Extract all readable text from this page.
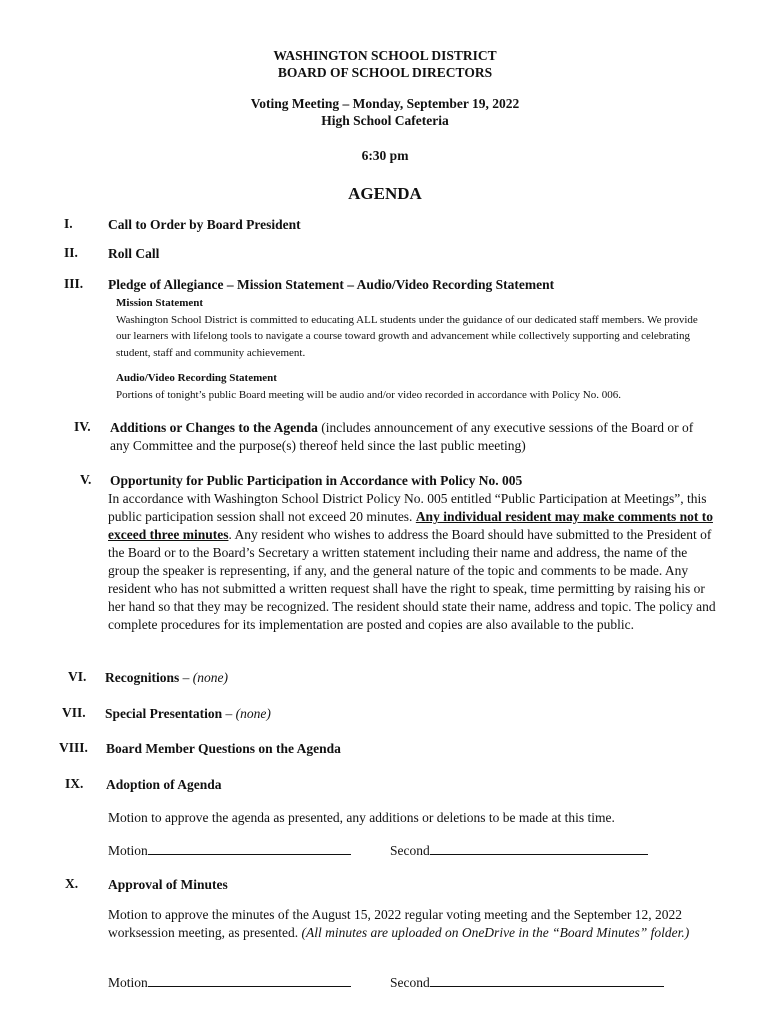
WASHINGTON SCHOOL DISTRICT
BOARD OF SCHOOL DIRECTORS
Voting Meeting – Monday, September 19, 2022
High School Cafeteria
6:30 pm
AGENDA
I.	Call to Order by Board President
II. Roll Call
III. Pledge of Allegiance – Mission Statement – Audio/Video Recording Statement
Mission Statement
Washington School District is committed to educating ALL students under the guidance of our dedicated staff members. We provide our learners with lifelong tools to navigate a course toward growth and advancement while collectively supporting and celebrating student, staff and community achievement.
Audio/Video Recording Statement
Portions of tonight’s public Board meeting will be audio and/or video recorded in accordance with Policy No. 006.
IV. Additions or Changes to the Agenda (includes announcement of any executive sessions of the Board or of any Committee and the purpose(s) thereof held since the last public meeting)
V. Opportunity for Public Participation in Accordance with Policy No. 005
In accordance with Washington School District Policy No. 005 entitled “Public Participation at Meetings”, this public participation session shall not exceed 20 minutes. Any individual resident may make comments not to exceed three minutes. Any resident who wishes to address the Board should have submitted to the President of the Board or to the Board’s Secretary a written statement including their name and address, the name of the group the speaker is representing, if any, and the general nature of the topic and comments to be made. Any resident who has not submitted a written request shall have the right to speak, time permitting by raising his or her hand so that they may be recognized. The resident should state their name, address and topic. The policy and complete procedures for its implementation are posted and copies are also available to the public.
VI. Recognitions – (none)
VII. Special Presentation – (none)
VIII. Board Member Questions on the Agenda
IX. Adoption of Agenda
Motion to approve the agenda as presented, any additions or deletions to be made at this time.
Motion	Second
X. Approval of Minutes
Motion to approve the minutes of the August 15, 2022 regular voting meeting and the September 12, 2022 worksession meeting, as presented. (All minutes are uploaded on OneDrive in the “Board Minutes” folder.)
Motion	Second
